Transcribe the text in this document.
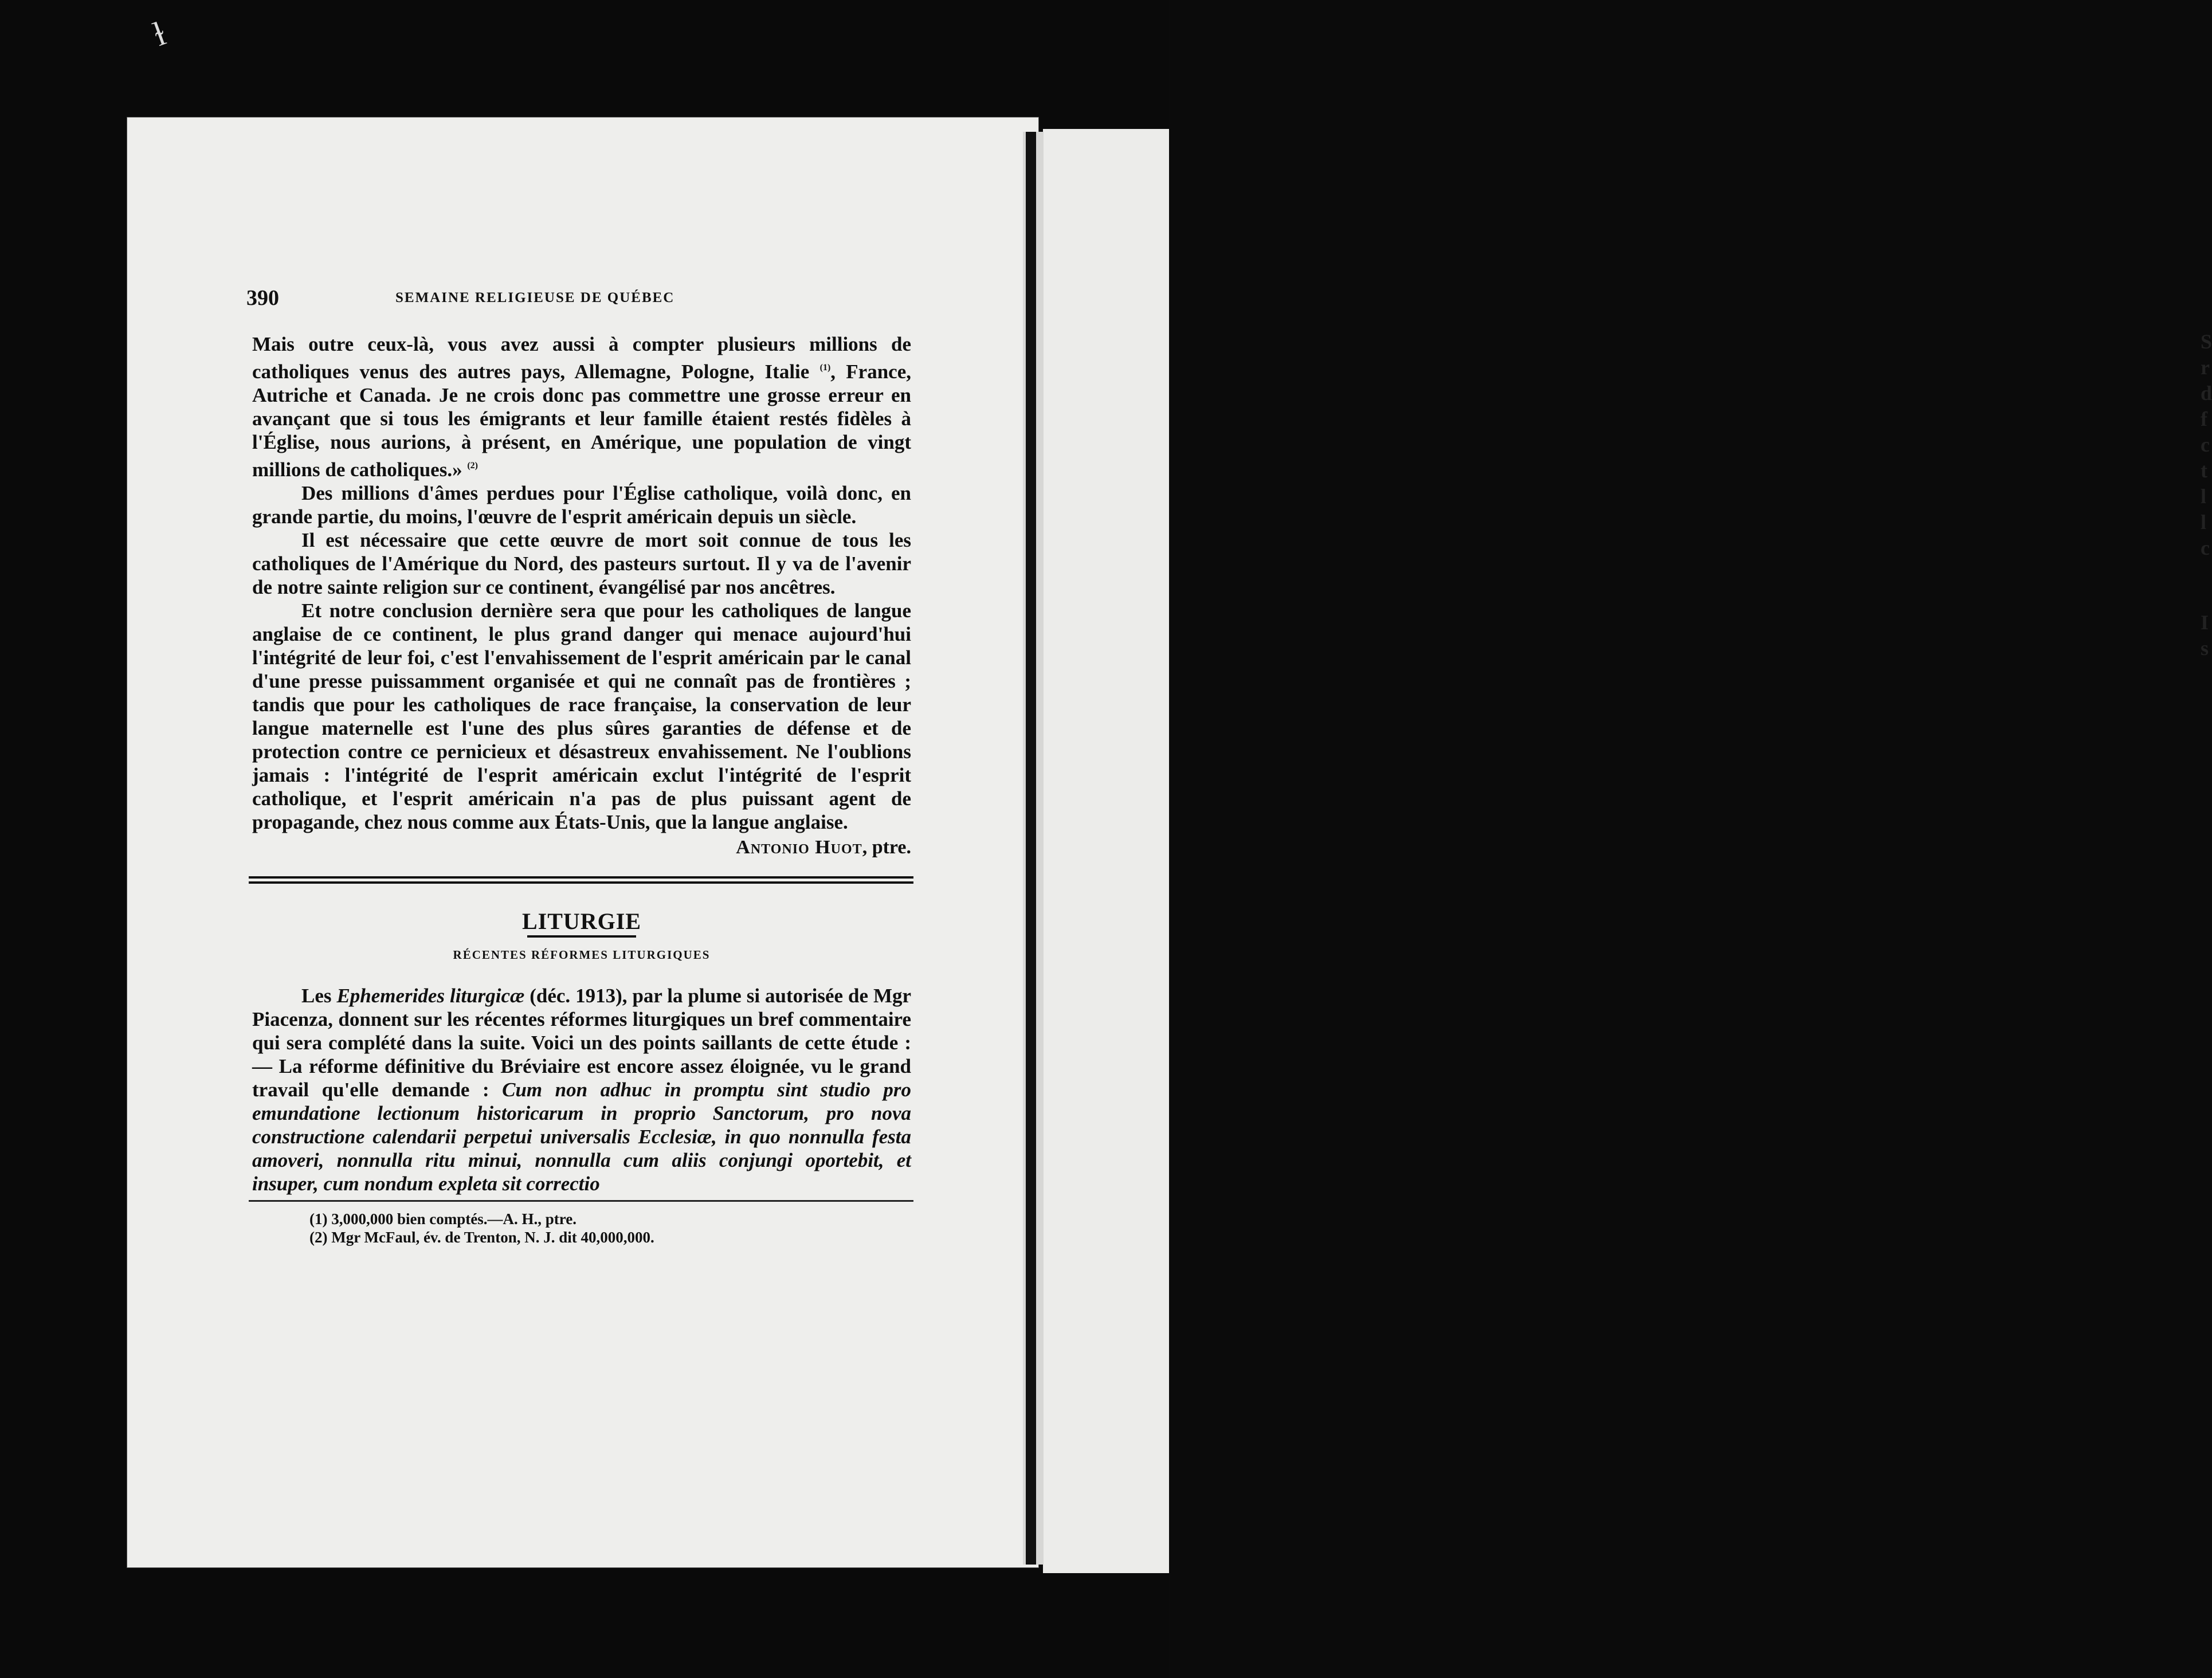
ɫ
S
r
d
f
c
t
l
l
c
I
s
390	SEMAINE RELIGIEUSE DE QUÉBEC

Mais outre ceux-là, vous avez aussi à compter plusieurs millions de catholiques venus des autres pays, Allemagne, Pologne, Italie $^{(1)}$, France, Autriche et Canada. Je ne crois donc pas commettre une grosse erreur en avançant que si tous les émigrants et leur famille étaient restés fidèles à l'Église, nous aurions, à présent, en Amérique, une population de vingt millions de catholiques.» $^{(2)}$

Des millions d'âmes perdues pour l'Église catholique, voilà donc, en grande partie, du moins, l'œuvre de l'esprit américain depuis un siècle.

Il est nécessaire que cette œuvre de mort soit connue de tous les catholiques de l'Amérique du Nord, des pasteurs surtout. Il y va de l'avenir de notre sainte religion sur ce continent, évangélisé par nos ancêtres.

Et notre conclusion dernière sera que pour les catholiques de langue anglaise de ce continent, le plus grand danger qui menace aujourd'hui l'intégrité de leur foi, c'est l'envahissement de l'esprit américain par le canal d'une presse puissamment organisée et qui ne connaît pas de frontières ; tandis que pour les catholiques de race française, la conservation de leur langue maternelle est l'une des plus sûres garanties de défense et de protection contre ce pernicieux et désastreux envahissement. Ne l'oublions jamais : l'intégrité de l'esprit américain exclut l'intégrité de l'esprit catholique, et l'esprit américain n'a pas de plus puissant agent de propagande, chez nous comme aux États-Unis, que la langue anglaise.

Antonio Huot, ptre.
LITURGIE
RÉCENTES RÉFORMES LITURGIQUES

Les Ephemerides liturgicæ (déc. 1913), par la plume si autorisée de Mgr Piacenza, donnent sur les récentes réformes liturgiques un bref commentaire qui sera complété dans la suite. Voici un des points saillants de cette étude : — La réforme définitive du Bréviaire est encore assez éloignée, vu le grand travail qu'elle demande : Cum non adhuc in promptu sint studio pro emundatione lectionum historicarum in proprio Sanctorum, pro nova constructione calendarii perpetui universalis Ecclesiæ, in quo nonnulla festa amoveri, nonnulla ritu minui, nonnulla cum aliis conjungi oportebit, et insuper, cum nondum expleta sit correctio

(1) 3,000,000 bien comptés.—A. H., ptre.
(2) Mgr McFaul, év. de Trenton, N. J. dit 40,000,000.
